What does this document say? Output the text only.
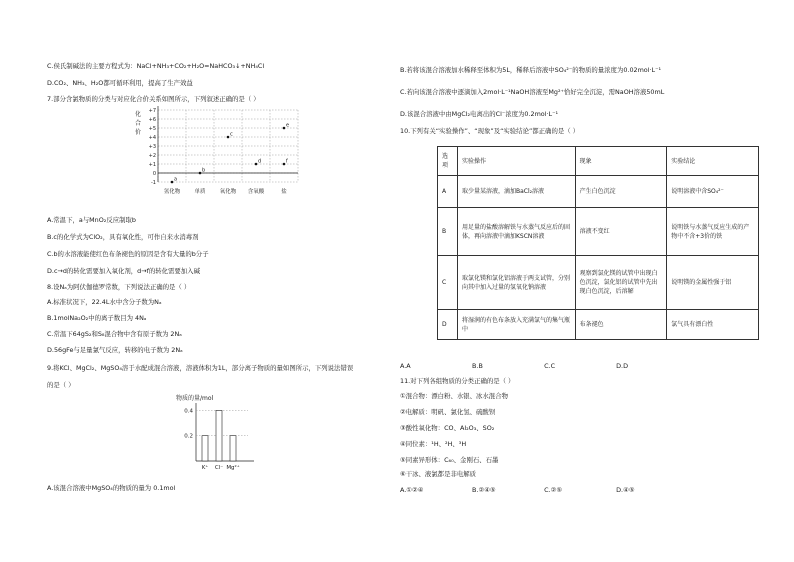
C.侯氏制碱法的主要方程式为：NaCl+NH₃+CO₂+H₂O=NaHCO₃↓+NH₄Cl
D.CO₂、NH₃、H₂O都可循环利用，提高了生产效益
7.部分含氯物质的分类与对应化合价关系如图所示，下列叙述正确的是（ ）
+7
+6
+5
+4
+3
+2
+1
0
-1
氢化物	单质	氧化物 含氧酸	盐
a
b
c
d
e
f
化
合
价
A.常温下，a与MnO₂反应制取b
B.c的化学式为ClO₂，具有氧化性，可作自来水消毒剂
C.b的水溶液能使红色布条褪色的原因是含有大量的b分子
D.c→d的转化需要加入氧化剂，d→f的转化需要加入碱
8.设Nₐ为阿伏伽德罗常数，下列说法正确的是（ ）
A.标准状况下，22.4L水中含分子数为Nₐ
B.1molNa₂O₂中的离子数目为 4Nₐ
C.常温下64gS₂和S₈混合物中含有原子数为 2Nₐ
D.56gFe与足量氯气反应，转移的电子数为 2Nₐ
9.将KCl、MgCl₂、MgSO₄溶于水配成混合溶液，溶液体积为1L，部分离子物质的量如图所示，下列说法错误
的是（ ）
物质的量/mol
0.4
0.2
K⁺ Cl⁻ Mg²⁺
A.该混合溶液中MgSO₄的物质的量为 0.1mol
B.若将该混合溶液加水稀释至体积为5L，稀释后溶液中SO₄²⁻的物质的量浓度为0.02mol·L⁻¹
C.若向该混合溶液中逐滴加入2mol·L⁻¹NaOH溶液至Mg²⁺恰好完全沉淀，需NaOH溶液50mL
D.该混合溶液中由MgCl₂电离出的Cl⁻浓度为0.2mol·L⁻¹
10.下列有关“实验操作”、“现象”及“实验结论”都正确的是（ ）
选项	实验操作	现象	实验结论
A	取少量某溶液，滴加BaCl₂溶液	产生白色沉淀	说明溶液中含SO₄²⁻
B	用足量的盐酸溶解铁与水蒸气反应后的固体，再向溶液中滴加KSCN溶液	溶液不变红	说明铁与水蒸气反应生成的产物中不含+3价的铁
C	取氯化镁和氯化铝溶液于两支试管，分别向其中加入过量的氢氧化钠溶液	观察到氯化镁的试管中出现白色沉淀，氯化铝的试管中先出现白色沉淀，后溶解	说明镁的金属性强于铝
D	将湿润的有色布条放入充满氯气的集气瓶中	布条褪色	氯气具有漂白性
A.A	B.B	C.C	D.D
11.对下列各组物质的分类正确的是（ ）
①混合物：漂白粉、水银、冰水混合物
②电解质：明矾、氯化氢、硫酸钡
③酸性氧化物：CO、Al₂O₃、SO₂
④同位素：¹H、²H、³H
⑤同素异形体：C₆₀、金刚石、石墨
⑥干冰、液氯都是非电解质
A.①②④	B.②④⑤	C.②⑤	D.④⑤
